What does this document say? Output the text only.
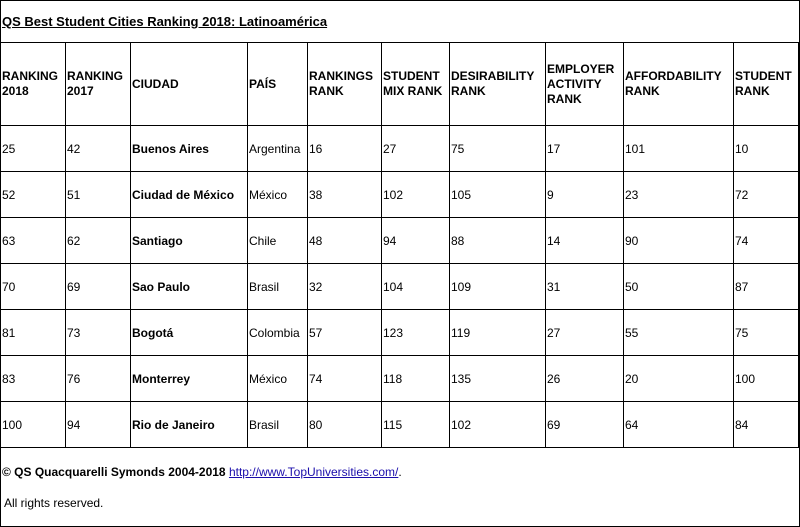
QS Best Student Cities Ranking 2018: Latinoamérica
RANKING 2018	RANKING 2017	CIUDAD	PAÍS	RANKINGS RANK	STUDENT MIX RANK	DESIRABILITY RANK	EMPLOYER ACTIVITY RANK	AFFORDABILITY RANK	STUDENT RANK
25	42	Buenos Aires	Argentina	16	27	75	17	101	10
52	51	Ciudad de México	México	38	102	105	9	23	72
63	62	Santiago	Chile	48	94	88	14	90	74
70	69	Sao Paulo	Brasil	32	104	109	31	50	87
81	73	Bogotá	Colombia	57	123	119	27	55	75
83	76	Monterrey	México	74	118	135	26	20	100
100	94	Rio de Janeiro	Brasil	80	115	102	69	64	84
© QS Quacquarelli Symonds 2004-2018 http://www.TopUniversities.com/.
All rights reserved.
